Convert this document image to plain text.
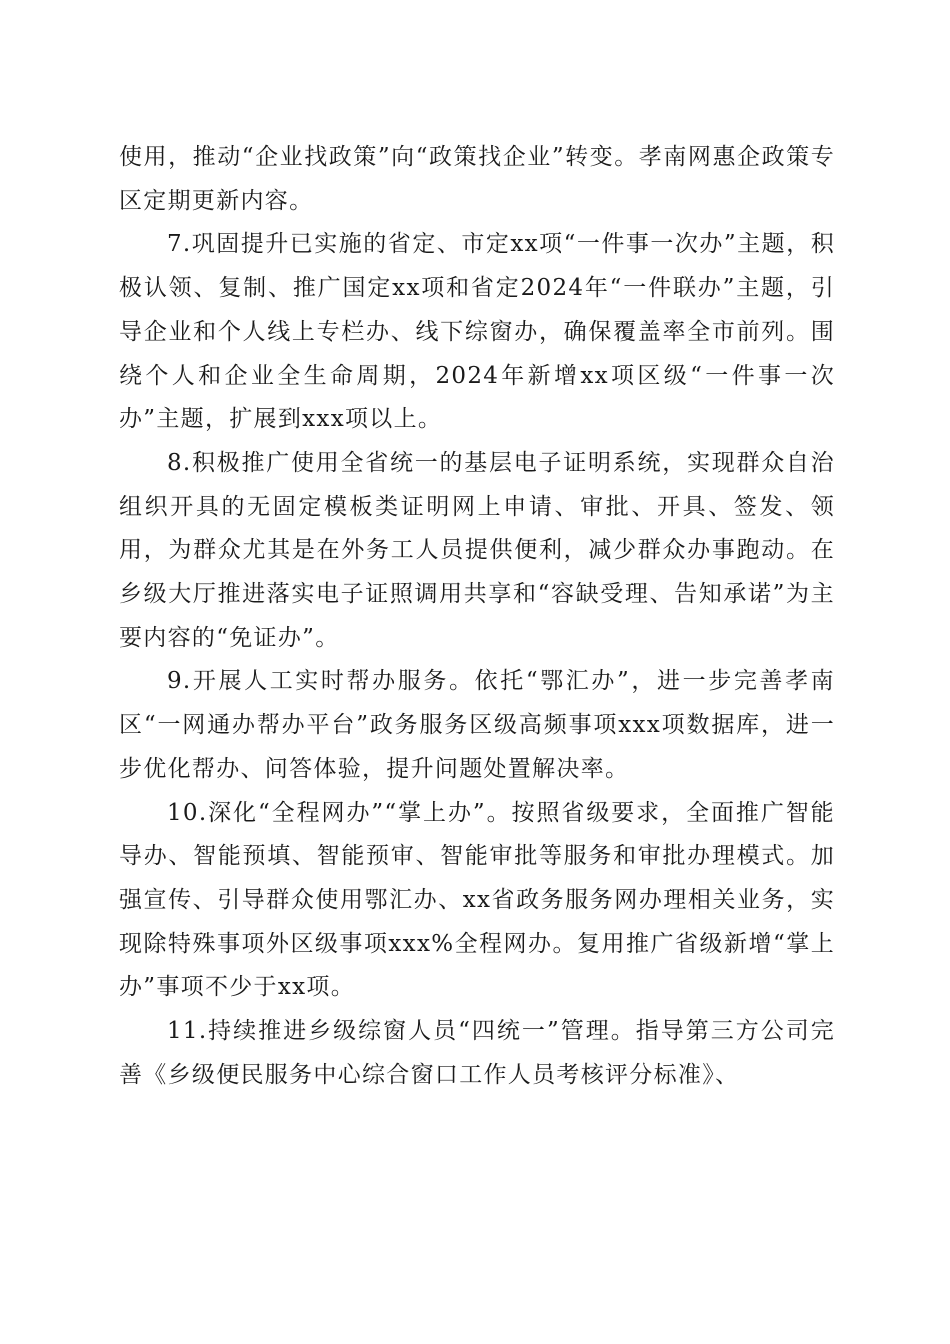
使用，推动“企业找政策”向“政策找企业”转变。孝南网惠企政策专区定期更新内容。

7.巩固提升已实施的省定、市定xx项“一件事一次办”主题，积极认领、复制、推广国定xx项和省定2024年“一件联办”主题，引导企业和个人线上专栏办、线下综窗办，确保覆盖率全市前列。围绕个人和企业全生命周期，2024年新增xx项区级“一件事一次办”主题，扩展到xxx项以上。

8.积极推广使用全省统一的基层电子证明系统，实现群众自治组织开具的无固定模板类证明网上申请、审批、开具、签发、领用，为群众尤其是在外务工人员提供便利，减少群众办事跑动。在乡级大厅推进落实电子证照调用共享和“容缺受理、告知承诺”为主要内容的“免证办”。

9.开展人工实时帮办服务。依托“鄂汇办”，进一步完善孝南区“一网通办帮办平台”政务服务区级高频事项xxx项数据库，进一步优化帮办、问答体验，提升问题处置解决率。

10.深化“全程网办”“掌上办”。按照省级要求，全面推广智能导办、智能预填、智能预审、智能审批等服务和审批办理模式。加强宣传、引导群众使用鄂汇办、xx省政务服务网办理相关业务，实现除特殊事项外区级事项xxx%全程网办。复用推广省级新增“掌上办”事项不少于xx项。

11.持续推进乡级综窗人员“四统一”管理。指导第三方公司完善《乡级便民服务中心综合窗口工作人员考核评分标准》、
